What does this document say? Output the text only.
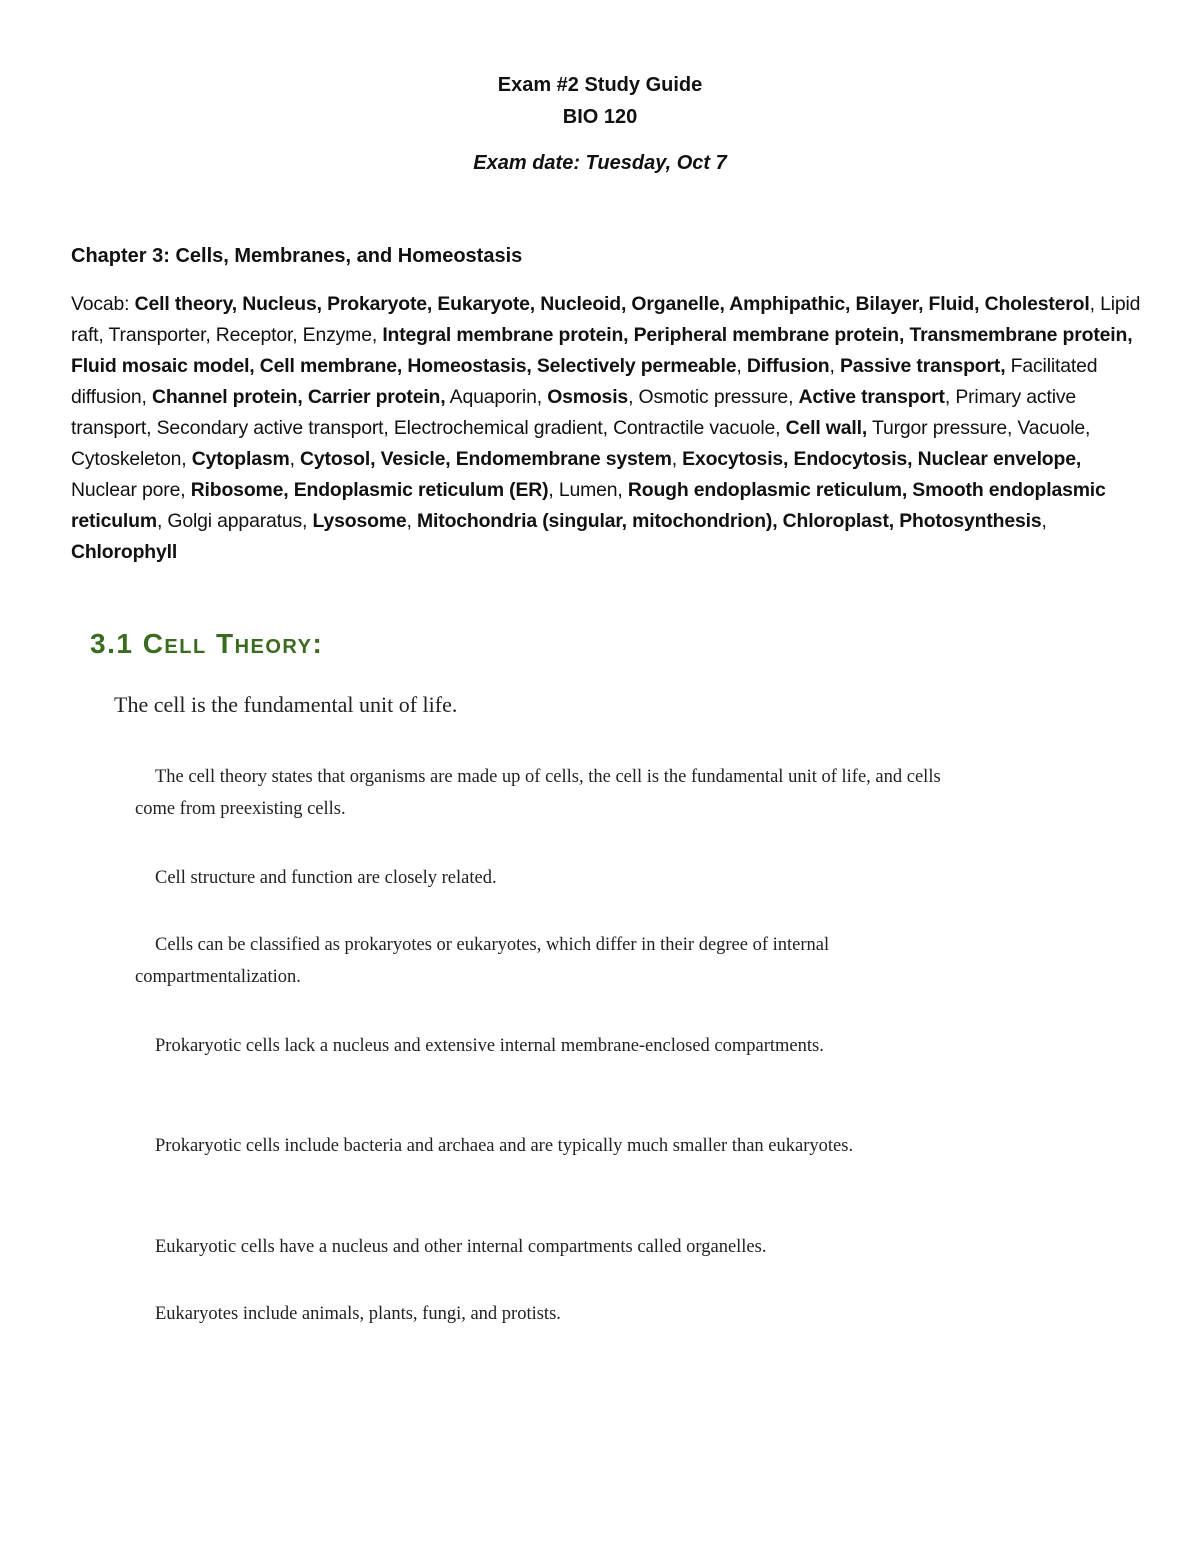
Exam #2 Study Guide
BIO 120
Exam date: Tuesday, Oct 7
Chapter 3: Cells, Membranes, and Homeostasis
Vocab: Cell theory, Nucleus, Prokaryote, Eukaryote, Nucleoid, Organelle, Amphipathic, Bilayer, Fluid, Cholesterol, Lipid raft, Transporter, Receptor, Enzyme, Integral membrane protein, Peripheral membrane protein, Transmembrane protein, Fluid mosaic model, Cell membrane, Homeostasis, Selectively permeable, Diffusion, Passive transport, Facilitated diffusion, Channel protein, Carrier protein, Aquaporin, Osmosis, Osmotic pressure, Active transport, Primary active transport, Secondary active transport, Electrochemical gradient, Contractile vacuole, Cell wall, Turgor pressure, Vacuole, Cytoskeleton, Cytoplasm, Cytosol, Vesicle, Endomembrane system, Exocytosis, Endocytosis, Nuclear envelope, Nuclear pore, Ribosome, Endoplasmic reticulum (ER), Lumen, Rough endoplasmic reticulum, Smooth endoplasmic reticulum, Golgi apparatus, Lysosome, Mitochondria (singular, mitochondrion), Chloroplast, Photosynthesis, Chlorophyll
3.1 Cell Theory:
The cell is the fundamental unit of life.
The cell theory states that organisms are made up of cells, the cell is the fundamental unit of life, and cells come from preexisting cells.
Cell structure and function are closely related.
Cells can be classified as prokaryotes or eukaryotes, which differ in their degree of internal compartmentalization.
Prokaryotic cells lack a nucleus and extensive internal membrane-enclosed compartments.
Prokaryotic cells include bacteria and archaea and are typically much smaller than eukaryotes.
Eukaryotic cells have a nucleus and other internal compartments called organelles.
Eukaryotes include animals, plants, fungi, and protists.
